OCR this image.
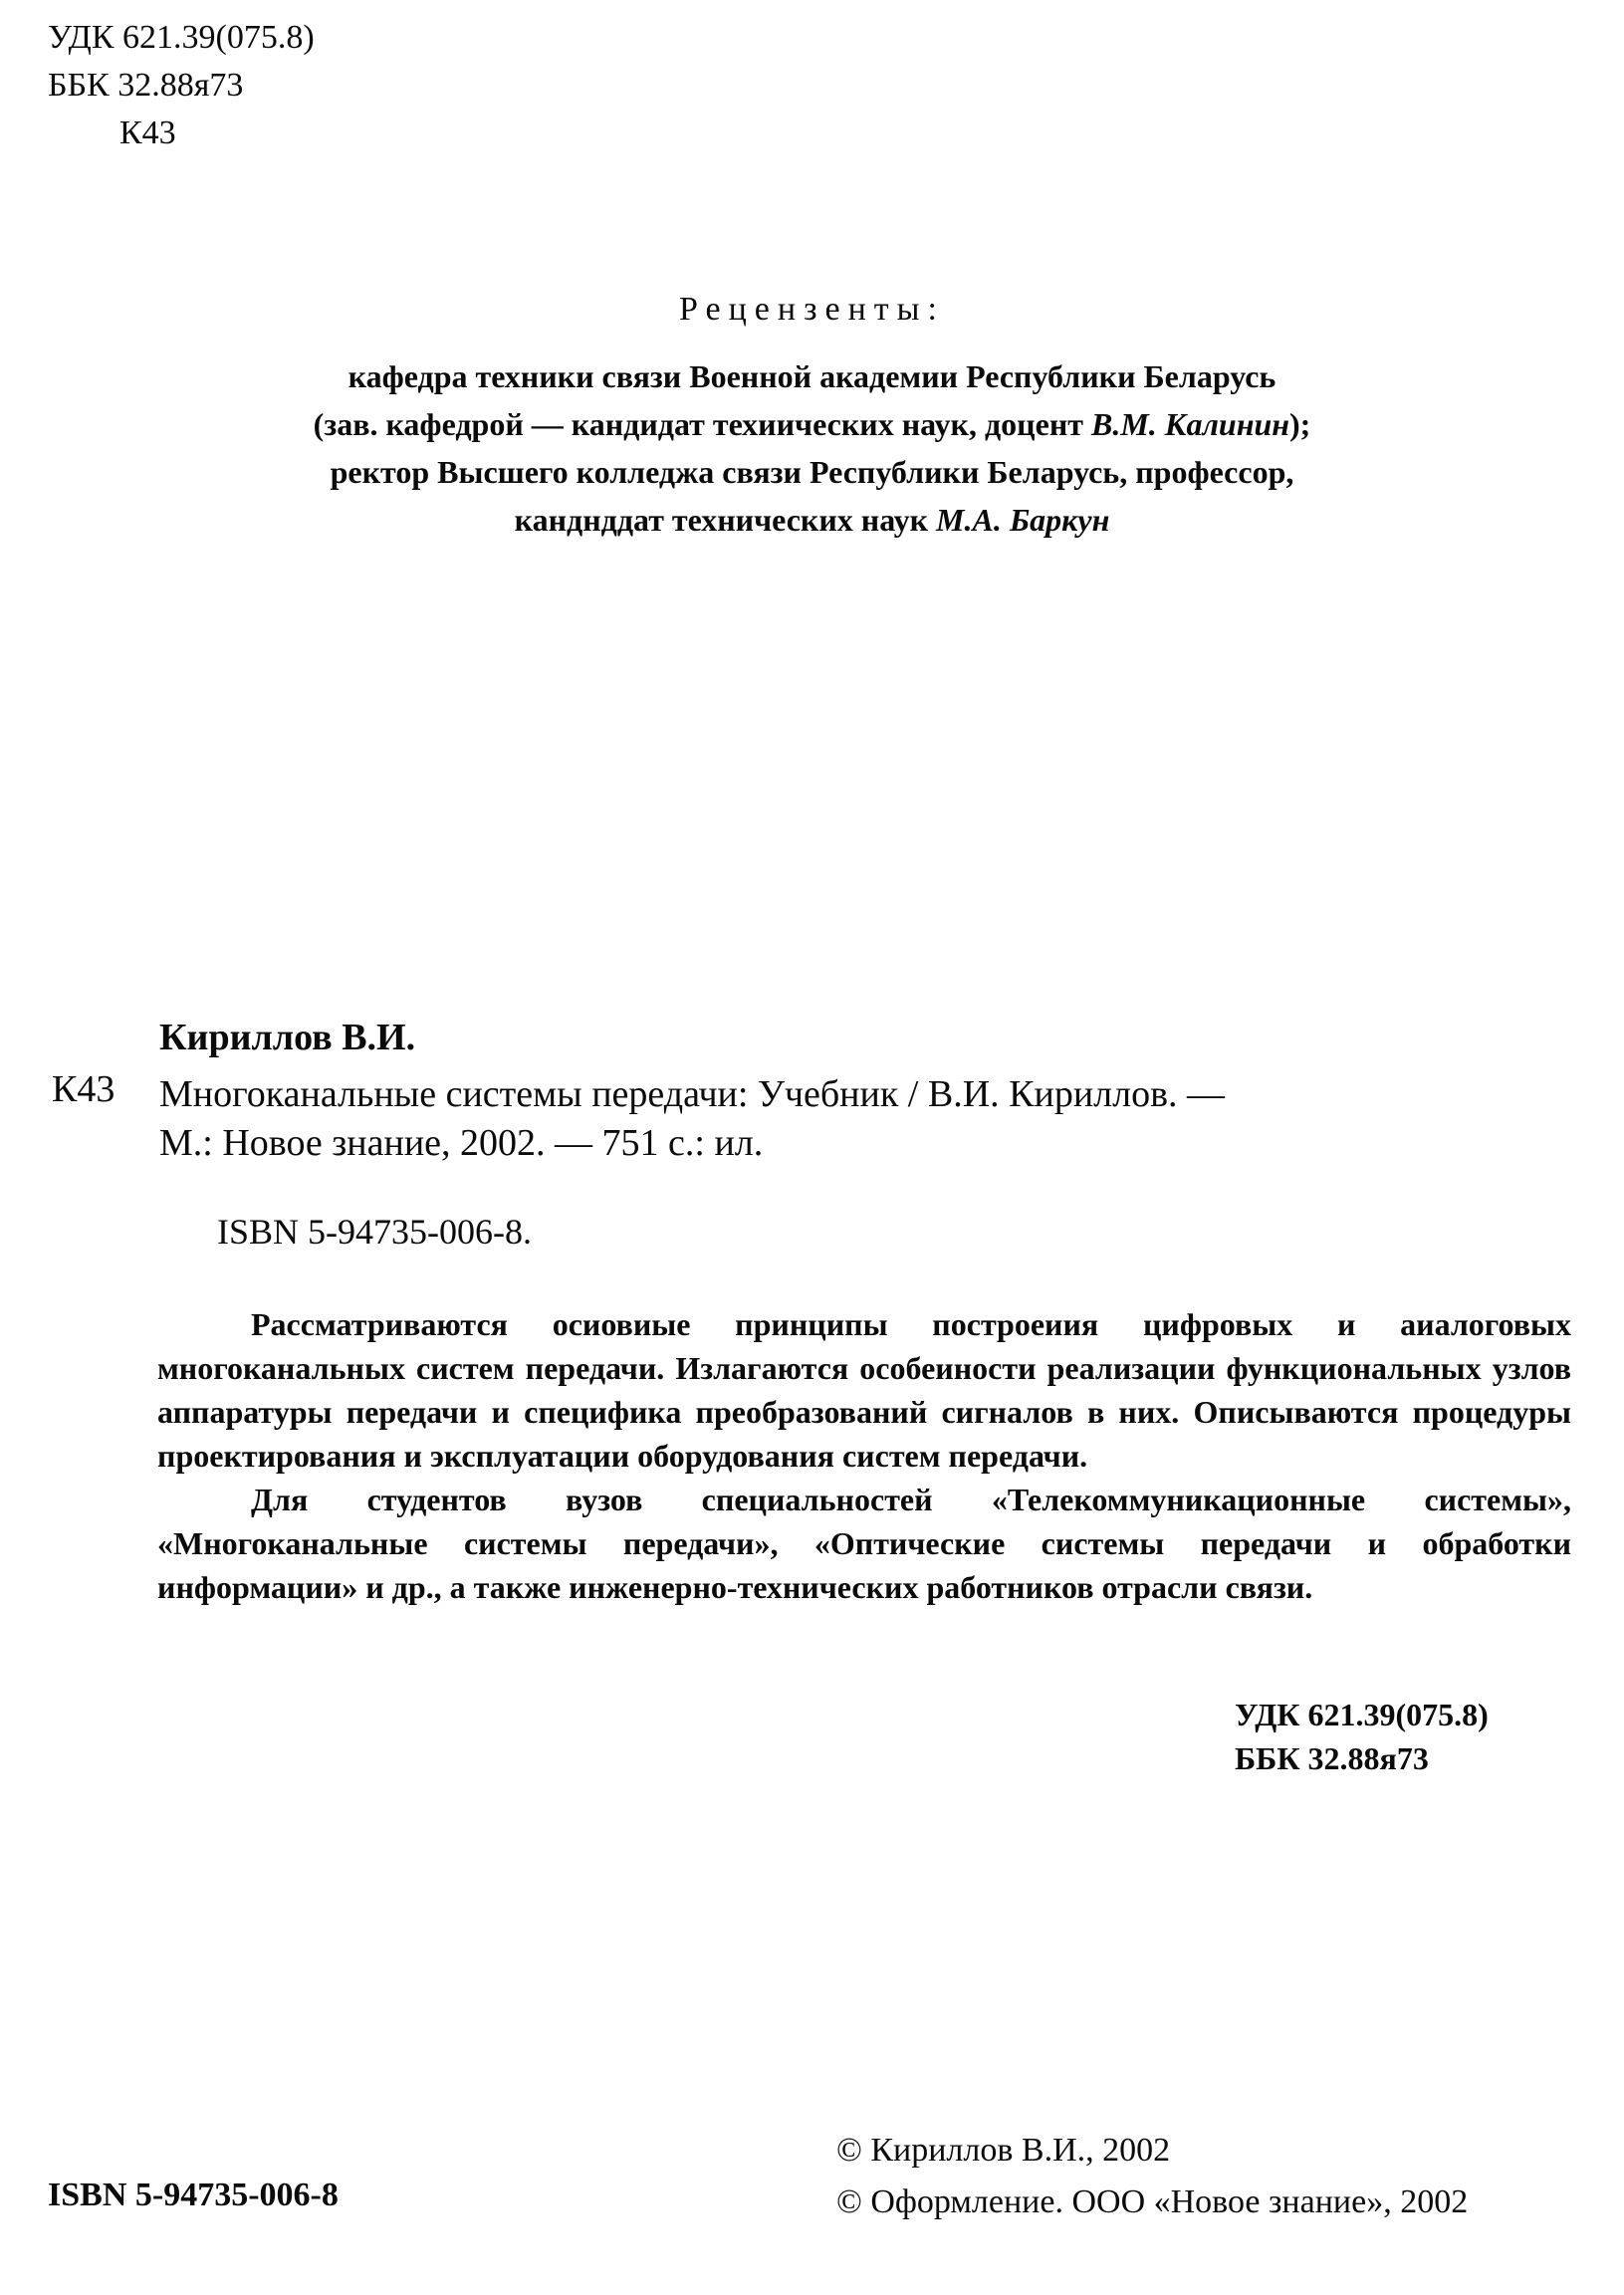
УДК 621.39(075.8)
ББК 32.88я73
К43
Рецензенты:
кафедра техники связи Военной академии Республики Беларусь
(зав. кафедрой — кандидат техиических наук, доцент В.М. Калинин);
ректор Высшего колледжа связи Республики Беларусь, профессор,
канднддат технических наук М.А. Баркун
Кириллов В.И.
К43 Многоканальные системы передачи: Учебник / В.И. Кириллов. —
М.: Новое знание, 2002. — 751 с.: ил.
ISBN 5-94735-006-8.

Рассматриваются осиовиые принципы построеиия цифровых и аиалоговых многоканальных систем передачи. Излагаются особеиности реализации функциональных узлов аппаратуры передачи и специфика преобразований сигналов в них. Описываются процедуры проектирования и эксплуатации оборудования систем передачи.

Для студентов вузов специальностей «Телекоммуникационные системы», «Многоканальные системы передачи», «Оптические системы передачи и обработки информации» и др., а также инженерно-технических работников отрасли связи.

УДК 621.39(075.8)
ББК 32.88я73
ISBN 5-94735-006-8
© Кириллов В.И., 2002
© Оформление. ООО «Новое знание», 2002
